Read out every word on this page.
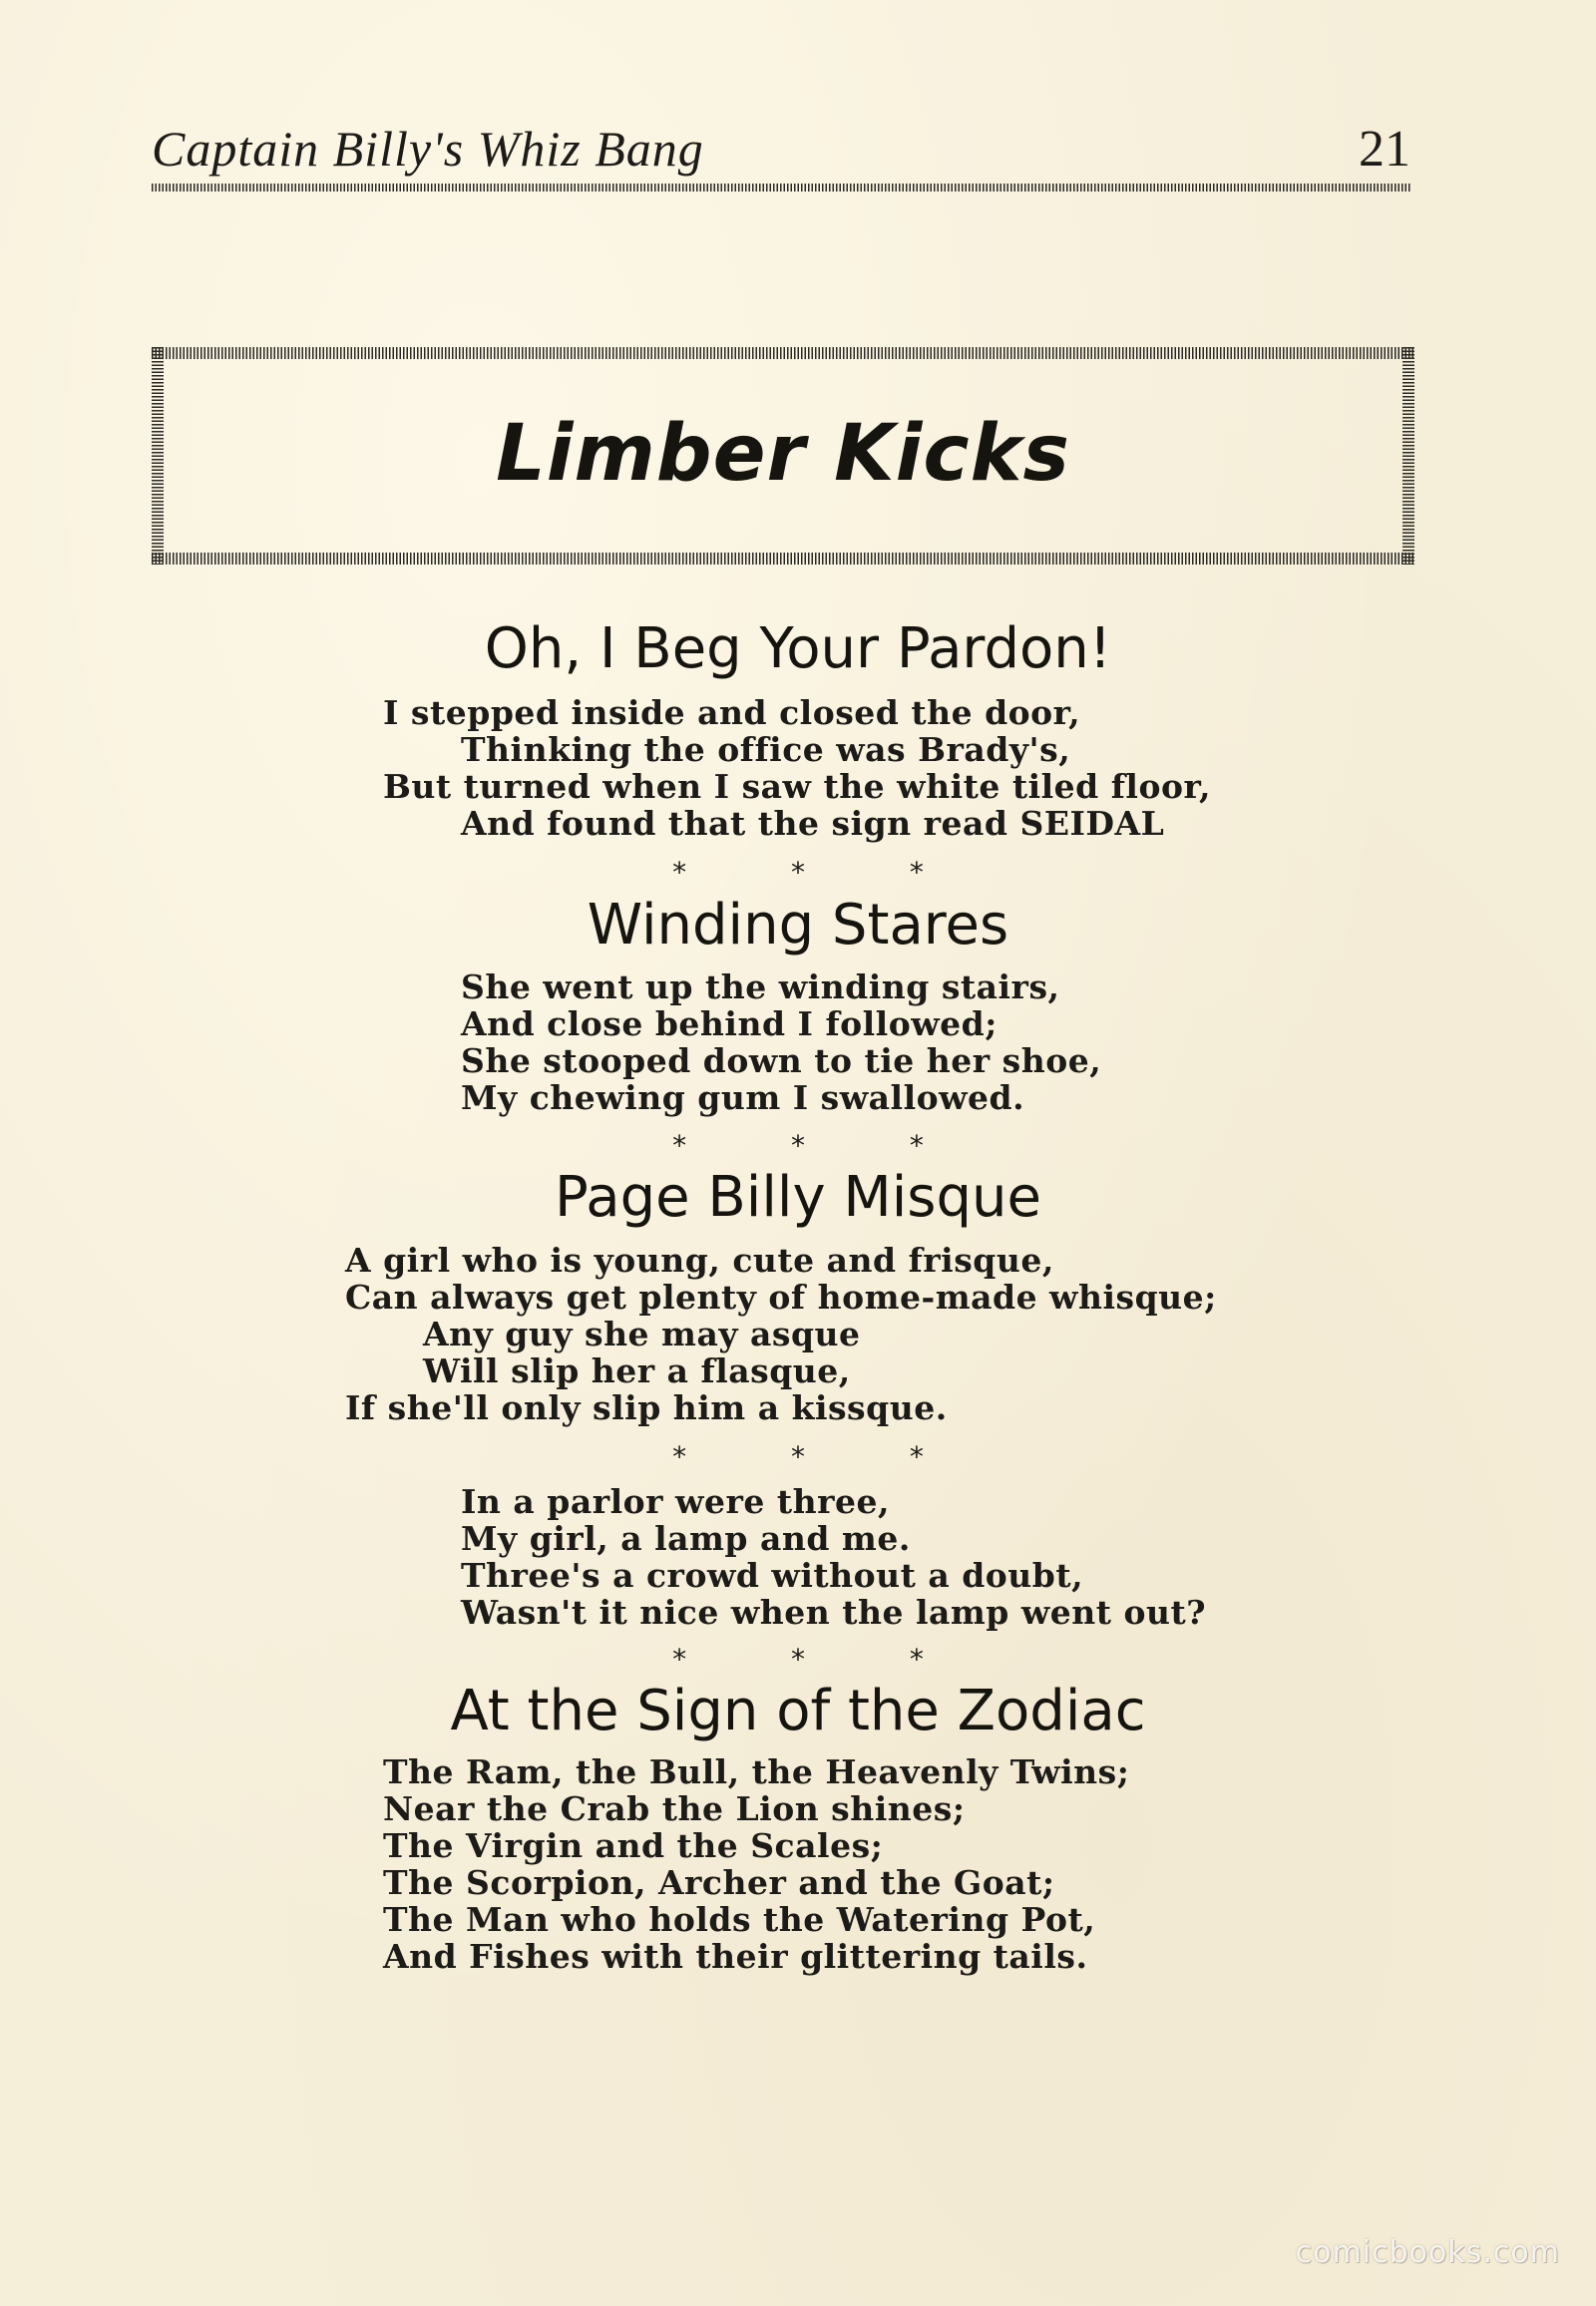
Captain Billy's Whiz Bang	21
Limber Kicks
Oh, I Beg Your Pardon!
I stepped inside and closed the door,
Thinking the office was Brady's,
But turned when I saw the white tiled floor,
And found that the sign read SEIDAL
* * *
Winding Stares
She went up the winding stairs,
And close behind I followed;
She stooped down to tie her shoe,
My chewing gum I swallowed.
* * *
Page Billy Misque
A girl who is young, cute and frisque,
Can always get plenty of home-made whisque;
Any guy she may asque
Will slip her a flasque,
If she'll only slip him a kissque.
* * *
In a parlor were three,
My girl, a lamp and me.
Three's a crowd without a doubt,
Wasn't it nice when the lamp went out?
* * *
At the Sign of the Zodiac
The Ram, the Bull, the Heavenly Twins;
Near the Crab the Lion shines;
The Virgin and the Scales;
The Scorpion, Archer and the Goat;
The Man who holds the Watering Pot,
And Fishes with their glittering tails.
comicbooks.com
